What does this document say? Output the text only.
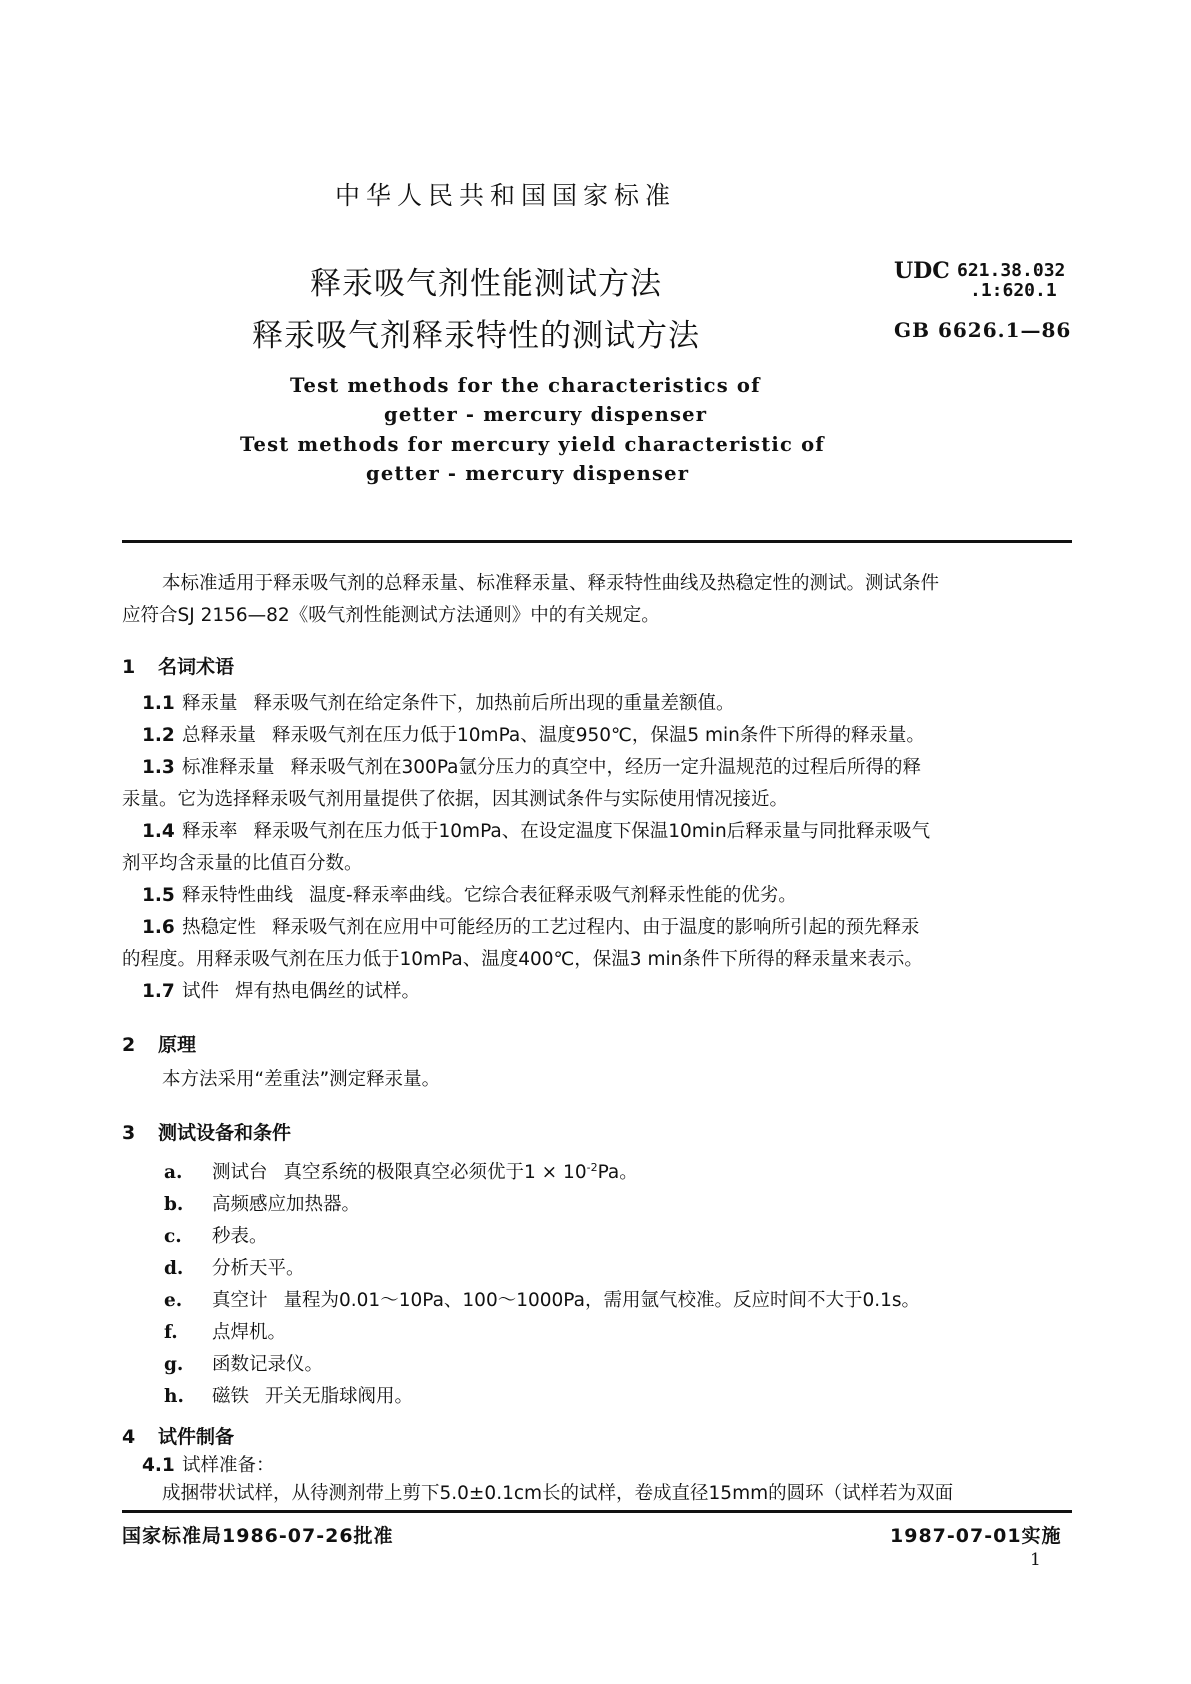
中华人民共和国国家标准
释汞吸气剂性能测试方法
释汞吸气剂释汞特性的测试方法
UDC 621.38.032
.1:620.1
GB 6626.1—86
Test methods for the characteristics of
getter - mercury dispenser
Test methods for mercury yield characteristic of
getter - mercury dispenser
本标准适用于释汞吸气剂的总释汞量、标准释汞量、释汞特性曲线及热稳定性的测试。测试条件
应符合SJ 2156—82《吸气剂性能测试方法通则》中的有关规定。
1 名词术语
1.1 释汞量 释汞吸气剂在给定条件下，加热前后所出现的重量差额值。
1.2 总释汞量 释汞吸气剂在压力低于10mPa、温度950℃，保温5 min条件下所得的释汞量。
1.3 标准释汞量 释汞吸气剂在300Pa氩分压力的真空中，经历一定升温规范的过程后所得的释
汞量。它为选择释汞吸气剂用量提供了依据，因其测试条件与实际使用情况接近。
1.4 释汞率 释汞吸气剂在压力低于10mPa、在设定温度下保温10min后释汞量与同批释汞吸气
剂平均含汞量的比值百分数。
1.5 释汞特性曲线 温度-释汞率曲线。它综合表征释汞吸气剂释汞性能的优劣。
1.6 热稳定性 释汞吸气剂在应用中可能经历的工艺过程内、由于温度的影响所引起的预先释汞
的程度。用释汞吸气剂在压力低于10mPa、温度400℃，保温3 min条件下所得的释汞量来表示。
1.7 试件 焊有热电偶丝的试样。
2 原理
本方法采用“差重法”测定释汞量。
3 测试设备和条件
a. 测试台 真空系统的极限真空必须优于$1 \times 10^{-2}Pa$。
b. 高频感应加热器。
c. 秒表。
d. 分析天平。
e. 真空计 量程为0.01～10Pa、100～1000Pa，需用氩气校准。反应时间不大于0.1s。
f. 点焊机。
g. 函数记录仪。
h. 磁铁 开关无脂球阀用。
4 试件制备
4.1 试样准备：
成捆带状试样，从待测剂带上剪下5.0±0.1cm长的试样，卷成直径15mm的圆环（试样若为双面
国家标准局1986-07-26批准	1987-07-01实施
1
